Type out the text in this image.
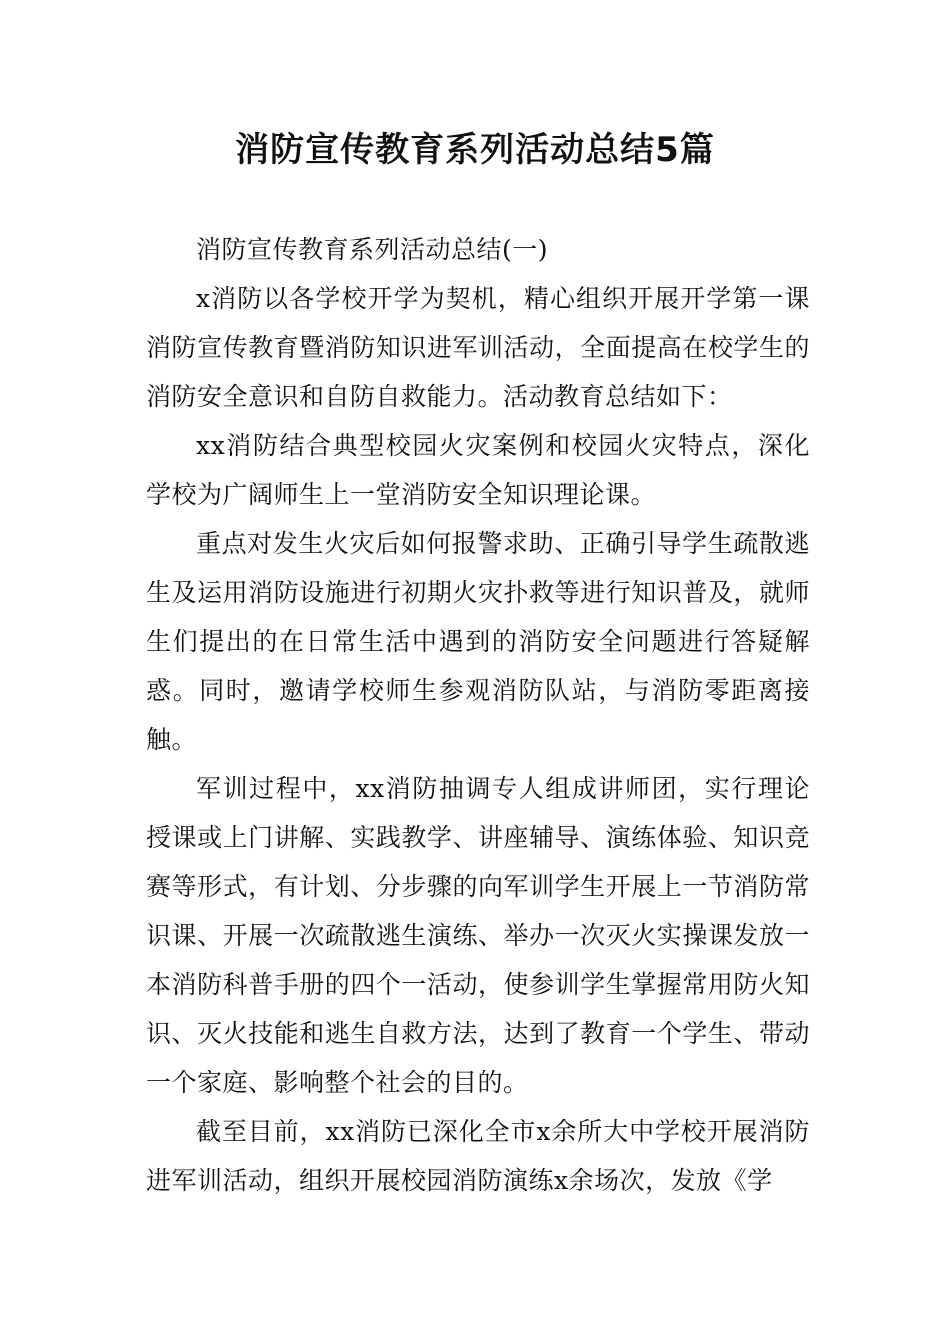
消防宣传教育系列活动总结5篇

消防宣传教育系列活动总结(一)

x消防以各学校开学为契机，精心组织开展开学第一课消防宣传教育暨消防知识进军训活动，全面提高在校学生的消防安全意识和自防自救能力。活动教育总结如下：

xx消防结合典型校园火灾案例和校园火灾特点，深化学校为广阔师生上一堂消防安全知识理论课。

重点对发生火灾后如何报警求助、正确引导学生疏散逃生及运用消防设施进行初期火灾扑救等进行知识普及，就师生们提出的在日常生活中遇到的消防安全问题进行答疑解惑。同时，邀请学校师生参观消防队站，与消防零距离接触。

军训过程中，xx消防抽调专人组成讲师团，实行理论授课或上门讲解、实践教学、讲座辅导、演练体验、知识竞赛等形式，有计划、分步骤的向军训学生开展上一节消防常识课、开展一次疏散逃生演练、举办一次灭火实操课发放一本消防科普手册的四个一活动，使参训学生掌握常用防火知识、灭火技能和逃生自救方法，达到了教育一个学生、带动一个家庭、影响整个社会的目的。

截至目前，xx消防已深化全市x余所大中学校开展消防进军训活动，组织开展校园消防演练x余场次，发放《学
